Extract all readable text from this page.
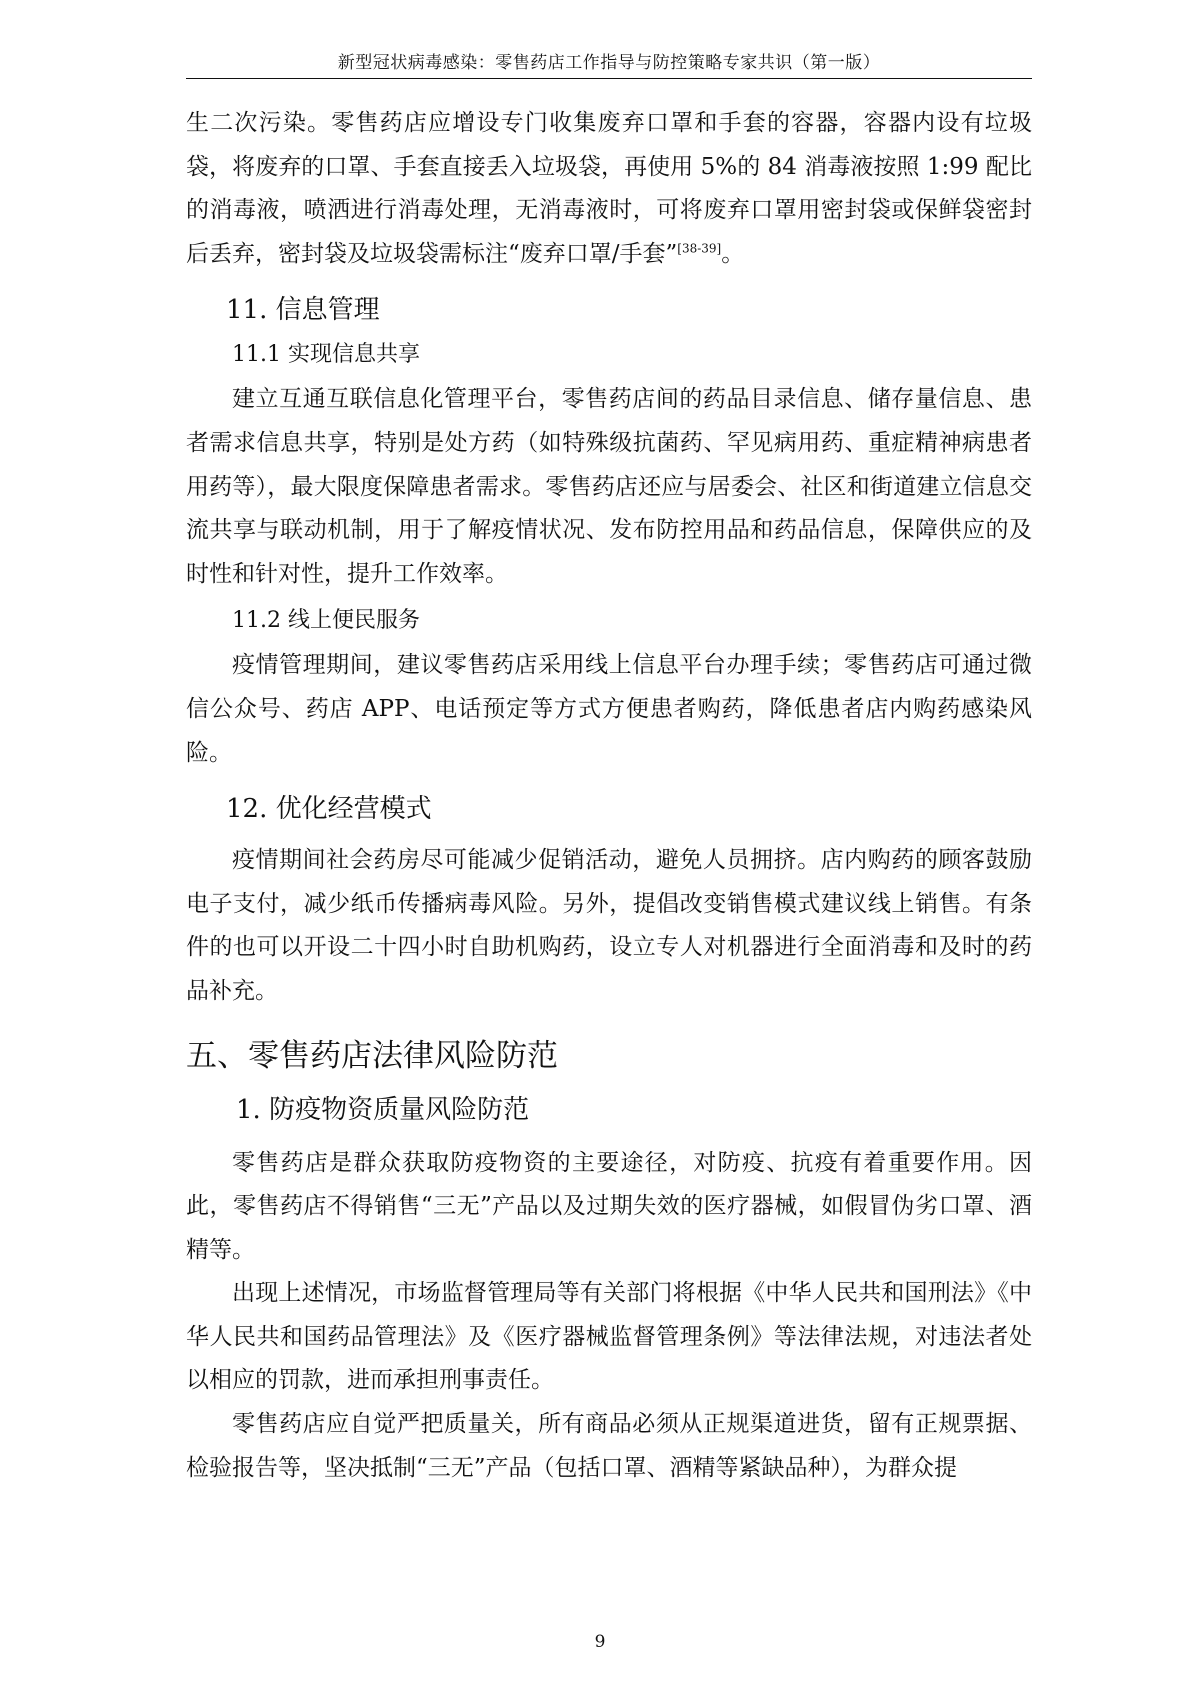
新型冠状病毒感染：零售药店工作指导与防控策略专家共识（第一版）

生二次污染。零售药店应增设专门收集废弃口罩和手套的容器，容器内设有垃圾袋，将废弃的口罩、手套直接丢入垃圾袋，再使用 5%的 84 消毒液按照 1:99 配比的消毒液，喷洒进行消毒处理，无消毒液时，可将废弃口罩用密封袋或保鲜袋密封后丢弃，密封袋及垃圾袋需标注“废弃口罩/手套”[38-39]。

11. 信息管理
11.1 实现信息共享

建立互通互联信息化管理平台，零售药店间的药品目录信息、储存量信息、患者需求信息共享，特别是处方药（如特殊级抗菌药、罕见病用药、重症精神病患者用药等），最大限度保障患者需求。零售药店还应与居委会、社区和街道建立信息交流共享与联动机制，用于了解疫情状况、发布防控用品和药品信息，保障供应的及时性和针对性，提升工作效率。

11.2 线上便民服务

疫情管理期间，建议零售药店采用线上信息平台办理手续；零售药店可通过微信公众号、药店 APP、电话预定等方式方便患者购药，降低患者店内购药感染风险。

12. 优化经营模式

疫情期间社会药房尽可能减少促销活动，避免人员拥挤。店内购药的顾客鼓励电子支付，减少纸币传播病毒风险。另外，提倡改变销售模式建议线上销售。有条件的也可以开设二十四小时自助机购药，设立专人对机器进行全面消毒和及时的药品补充。

五、零售药店法律风险防范
1. 防疫物资质量风险防范

零售药店是群众获取防疫物资的主要途径，对防疫、抗疫有着重要作用。因此，零售药店不得销售“三无”产品以及过期失效的医疗器械，如假冒伪劣口罩、酒精等。

出现上述情况，市场监督管理局等有关部门将根据《中华人民共和国刑法》《中华人民共和国药品管理法》及《医疗器械监督管理条例》等法律法规，对违法者处以相应的罚款，进而承担刑事责任。

零售药店应自觉严把质量关，所有商品必须从正规渠道进货，留有正规票据、检验报告等，坚决抵制“三无”产品（包括口罩、酒精等紧缺品种），为群众提

9
